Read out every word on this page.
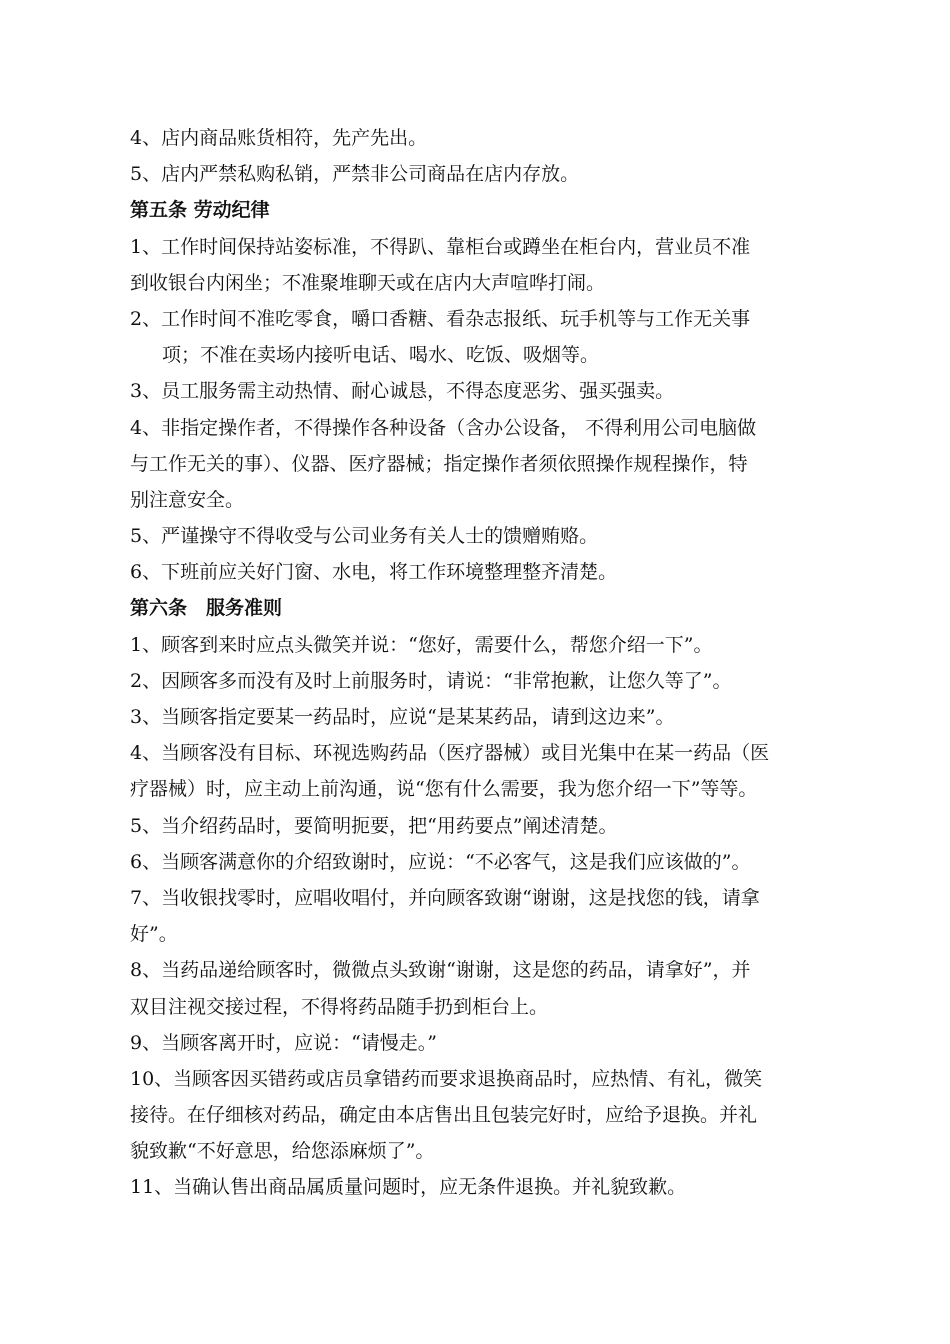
4、店内商品账货相符，先产先出。
5、店内严禁私购私销，严禁非公司商品在店内存放。
第五条 劳动纪律
1、工作时间保持站姿标准，不得趴、靠柜台或蹲坐在柜台内，营业员不准
到收银台内闲坐；不准聚堆聊天或在店内大声喧哗打闹。
2、工作时间不准吃零食，嚼口香糖、看杂志报纸、玩手机等与工作无关事
项；不准在卖场内接听电话、喝水、吃饭、吸烟等。
3、员工服务需主动热情、耐心诚恳，不得态度恶劣、强买强卖。
4、非指定操作者，不得操作各种设备（含办公设备， 不得利用公司电脑做
与工作无关的事）、仪器、医疗器械；指定操作者须依照操作规程操作，特
别注意安全。
5、严谨操守不得收受与公司业务有关人士的馈赠贿赂。
6、下班前应关好门窗、水电，将工作环境整理整齐清楚。
第六条　服务准则
1、顾客到来时应点头微笑并说：“您好，需要什么，帮您介绍一下”。
2、因顾客多而没有及时上前服务时，请说：“非常抱歉，让您久等了”。
3、当顾客指定要某一药品时，应说“是某某药品，请到这边来”。
4、当顾客没有目标、环视选购药品（医疗器械）或目光集中在某一药品（医
疗器械）时，应主动上前沟通，说“您有什么需要，我为您介绍一下”等等。
5、当介绍药品时，要简明扼要，把“用药要点”阐述清楚。
6、当顾客满意你的介绍致谢时，应说：“不必客气，这是我们应该做的”。
7、当收银找零时，应唱收唱付，并向顾客致谢“谢谢，这是找您的钱，请拿
好”。
8、当药品递给顾客时，微微点头致谢“谢谢，这是您的药品，请拿好”，并
双目注视交接过程，不得将药品随手扔到柜台上。
9、当顾客离开时，应说：“请慢走。”
10、当顾客因买错药或店员拿错药而要求退换商品时，应热情、有礼，微笑
接待。在仔细核对药品，确定由本店售出且包装完好时，应给予退换。并礼
貌致歉“不好意思，给您添麻烦了”。
11、当确认售出商品属质量问题时，应无条件退换。并礼貌致歉。
